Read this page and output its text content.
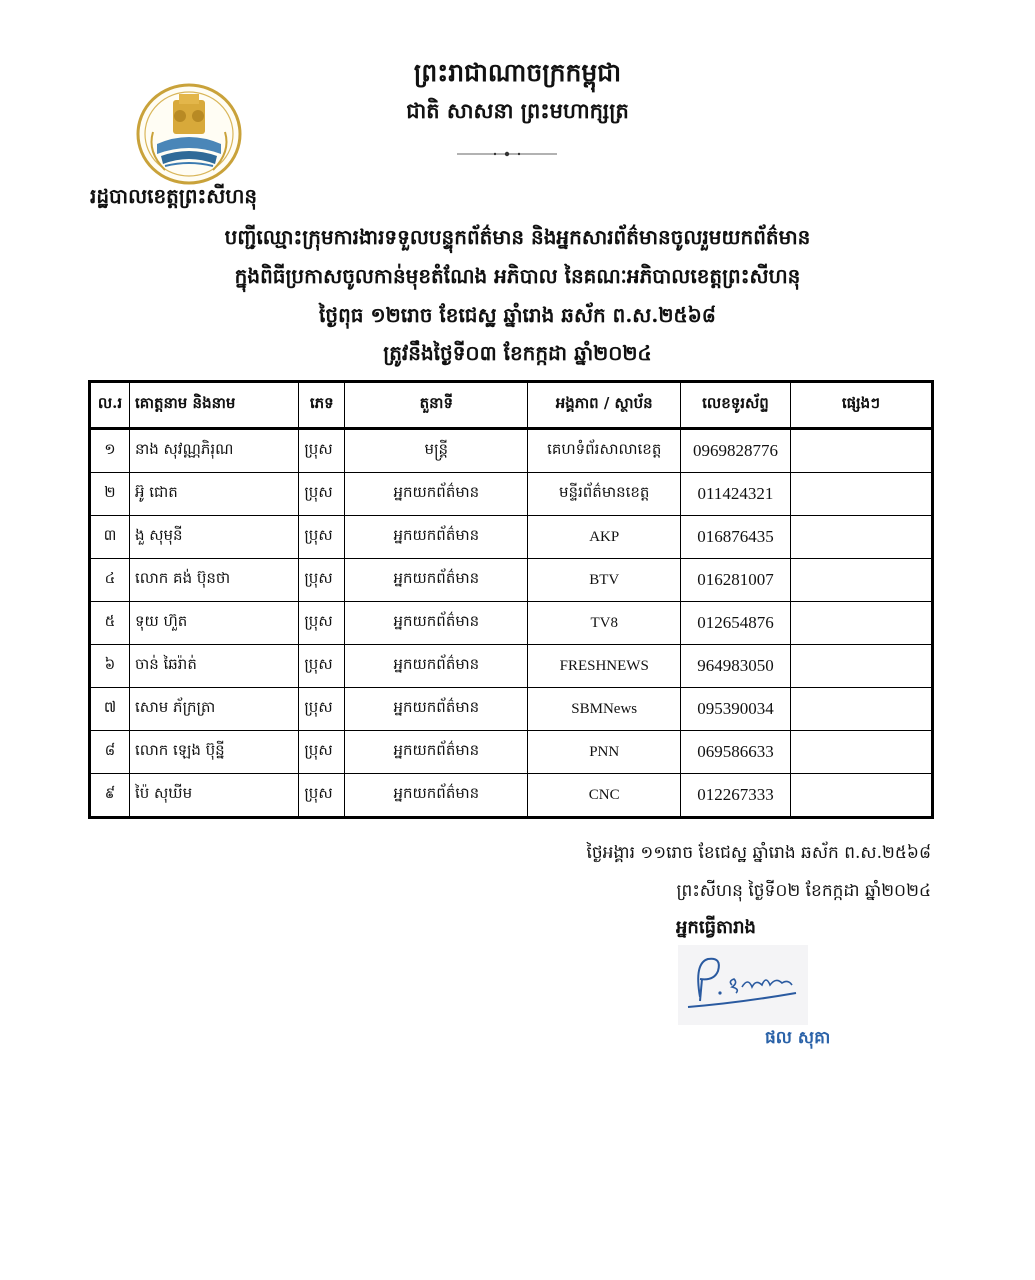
ព្រះរាជាណាចក្រកម្ពុជា
ជាតិ សាសនា ព្រះមហាក្សត្រ
រដ្ឋបាលខេត្តព្រះសីហនុ
បញ្ជីឈ្មោះក្រុមការងារទទួលបន្ទុកព័ត៌មាន និងអ្នកសារព័ត៌មានចូលរួមយកព័ត៌មាន
ក្នុងពិធីប្រកាសចូលកាន់មុខតំណែង អភិបាល នៃគណៈអភិបាលខេត្តព្រះសីហនុ
ថ្ងៃពុធ ១២រោច ខែជេស្ឋ ឆ្នាំរោង ឆស័ក ព.ស.២៥៦៨
ត្រូវនឹងថ្ងៃទី០៣ ខែកក្កដា ឆ្នាំ២០២៤
ល.រ	គោត្តនាម និងនាម	ភេទ	តួនាទី	អង្គភាព / ស្ថាប័ន	លេខទូរស័ព្ទ	ផ្សេងៗ
១	នាង សុវណ្ណភិរុណ	ប្រុស	មន្ត្រី	គេហទំព័រសាលាខេត្ត	0969828776	
២	អ៊ូ ជោត	ប្រុស	អ្នកយកព័ត៌មាន	មន្ទីរព័ត៌មានខេត្ត	011424321	
៣	ងួ សុមុនី	ប្រុស	អ្នកយកព័ត៌មាន	AKP	016876435	
៤	លោក គង់ ប៊ុនថា	ប្រុស	អ្នកយកព័ត៌មាន	BTV	016281007	
៥	ទុយ ហ៊ួត	ប្រុស	អ្នកយកព័ត៌មាន	TV8	012654876	
៦	ចាន់ ឆៃរ៉ាត់	ប្រុស	អ្នកយកព័ត៌មាន	FRESHNEWS	964983050	
៧	សោម ភ័ក្រត្រា	ប្រុស	អ្នកយកព័ត៌មាន	SBMNews	095390034	
៨	លោក ឡេង ប៊ុន្នី	ប្រុស	អ្នកយកព័ត៌មាន	PNN	069586633	
៩	ប៉ៃ សុឃីម	ប្រុស	អ្នកយកព័ត៌មាន	CNC	012267333	
ថ្ងៃអង្គារ ១១រោច ខែជេស្ឋ ឆ្នាំរោង ឆស័ក ព.ស.២៥៦៨
ព្រះសីហនុ ថ្ងៃទី០២ ខែកក្កដា ឆ្នាំ២០២៤
អ្នកធ្វើតារាង
ផល សុគា
